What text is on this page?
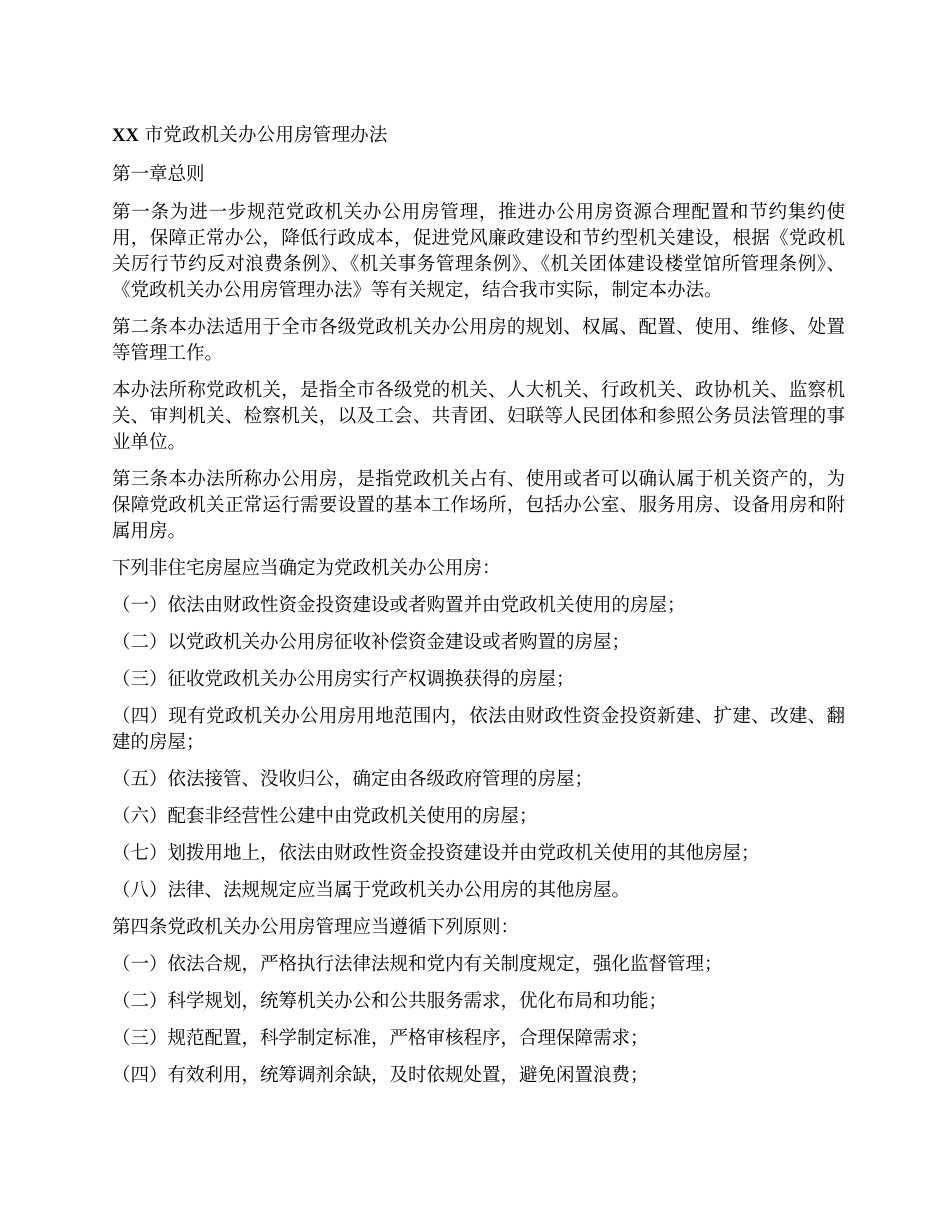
XX 市党政机关办公用房管理办法

第一章总则

第一条为进一步规范党政机关办公用房管理，推进办公用房资源合理配置和节约集约使用，保障正常办公，降低行政成本，促进党风廉政建设和节约型机关建设，根据《党政机关厉行节约反对浪费条例》、《机关事务管理条例》、《机关团体建设楼堂馆所管理条例》、《党政机关办公用房管理办法》等有关规定，结合我市实际，制定本办法。

第二条本办法适用于全市各级党政机关办公用房的规划、权属、配置、使用、维修、处置等管理工作。

本办法所称党政机关，是指全市各级党的机关、人大机关、行政机关、政协机关、监察机关、审判机关、检察机关，以及工会、共青团、妇联等人民团体和参照公务员法管理的事业单位。

第三条本办法所称办公用房，是指党政机关占有、使用或者可以确认属于机关资产的，为保障党政机关正常运行需要设置的基本工作场所，包括办公室、服务用房、设备用房和附属用房。

下列非住宅房屋应当确定为党政机关办公用房：

（一）依法由财政性资金投资建设或者购置并由党政机关使用的房屋；

（二）以党政机关办公用房征收补偿资金建设或者购置的房屋；

（三）征收党政机关办公用房实行产权调换获得的房屋；

（四）现有党政机关办公用房用地范围内，依法由财政性资金投资新建、扩建、改建、翻建的房屋；

（五）依法接管、没收归公，确定由各级政府管理的房屋；

（六）配套非经营性公建中由党政机关使用的房屋；

（七）划拨用地上，依法由财政性资金投资建设并由党政机关使用的其他房屋；

（八）法律、法规规定应当属于党政机关办公用房的其他房屋。

第四条党政机关办公用房管理应当遵循下列原则：

（一）依法合规，严格执行法律法规和党内有关制度规定，强化监督管理；

（二）科学规划，统筹机关办公和公共服务需求，优化布局和功能；

（三）规范配置，科学制定标准，严格审核程序，合理保障需求；

（四）有效利用，统筹调剂余缺，及时依规处置，避免闲置浪费；
